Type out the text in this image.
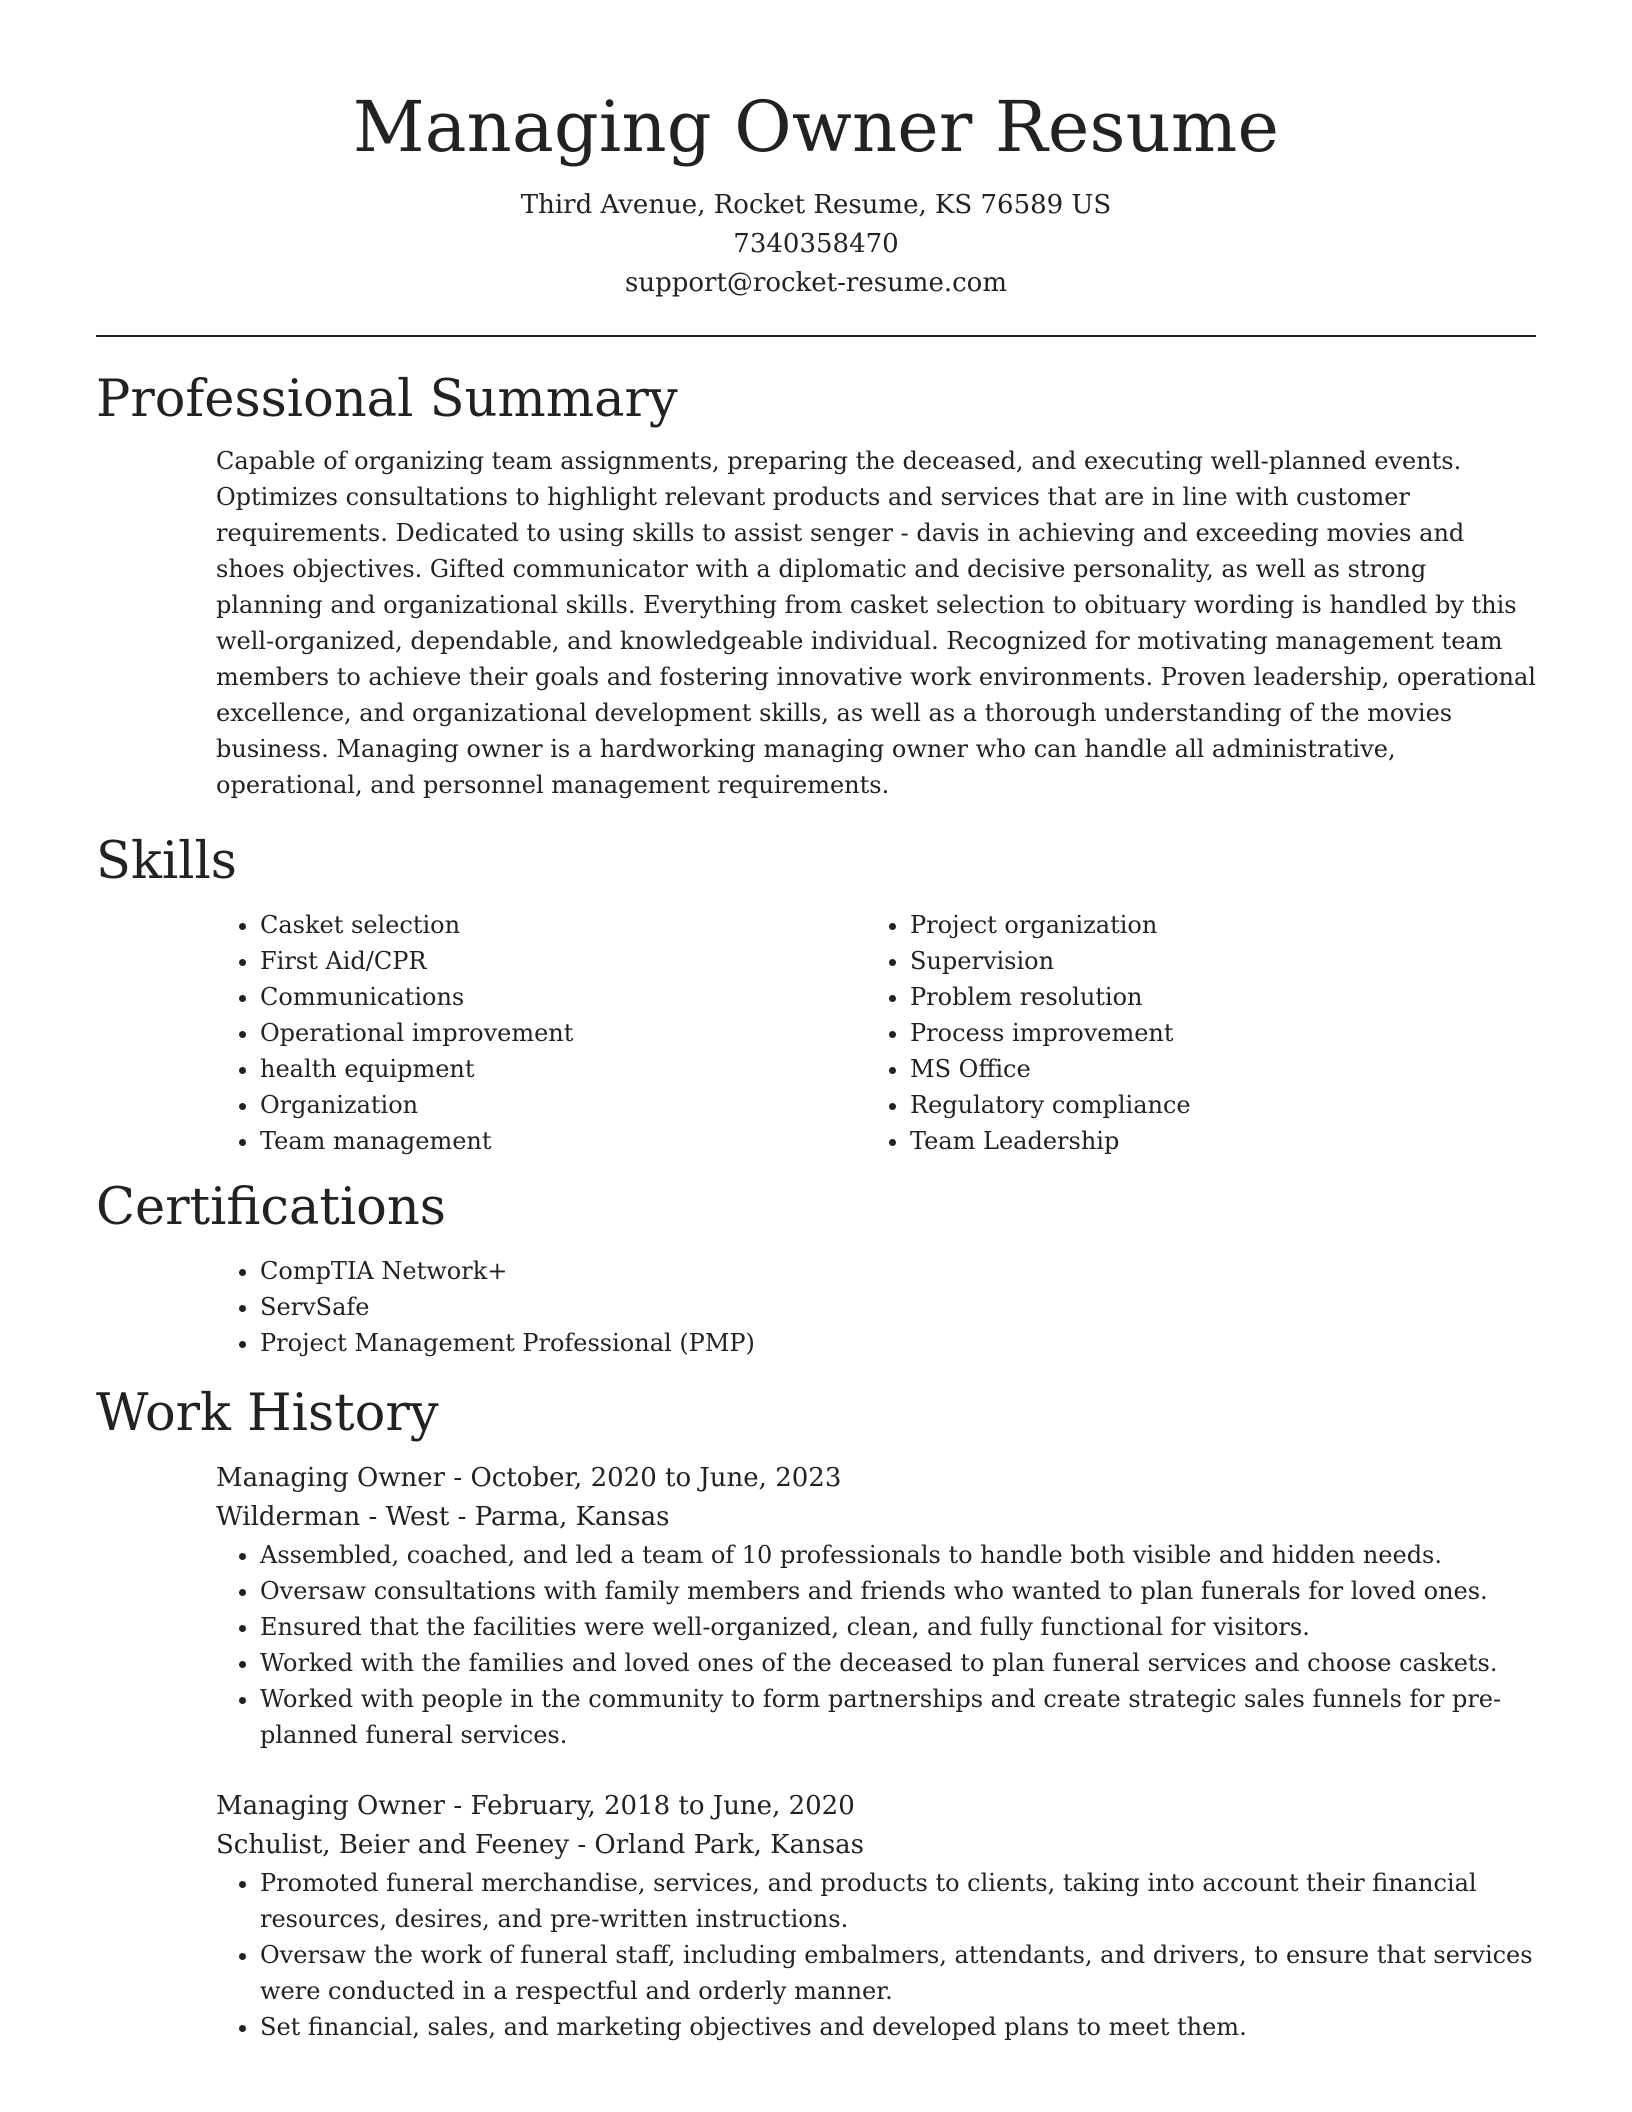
Managing Owner Resume
Third Avenue, Rocket Resume, KS 76589 US
7340358470
support@rocket-resume.com
Professional Summary

Capable of organizing team assignments, preparing the deceased, and executing well-planned events. Optimizes consultations to highlight relevant products and services that are in line with customer requirements. Dedicated to using skills to assist senger - davis in achieving and exceeding movies and shoes objectives. Gifted communicator with a diplomatic and decisive personality, as well as strong planning and organizational skills. Everything from casket selection to obituary wording is handled by this well-organized, dependable, and knowledgeable individual. Recognized for motivating management team members to achieve their goals and fostering innovative work environments. Proven leadership, operational excellence, and organizational development skills, as well as a thorough understanding of the movies business. Managing owner is a hardworking managing owner who can handle all administrative, operational, and personnel management requirements.

Skills
• Casket selection
• First Aid/CPR
• Communications
• Operational improvement
• health equipment
• Organization
• Team management
• Project organization
• Supervision
• Problem resolution
• Process improvement
• MS Office
• Regulatory compliance
• Team Leadership
Certifications
• CompTIA Network+
• ServSafe
• Project Management Professional (PMP)
Work History
Managing Owner - October, 2020 to June, 2023
Wilderman - West - Parma, Kansas
• Assembled, coached, and led a team of 10 professionals to handle both visible and hidden needs.
• Oversaw consultations with family members and friends who wanted to plan funerals for loved ones.
• Ensured that the facilities were well-organized, clean, and fully functional for visitors.
• Worked with the families and loved ones of the deceased to plan funeral services and choose caskets.
• Worked with people in the community to form partnerships and create strategic sales funnels for pre-planned funeral services.
Managing Owner - February, 2018 to June, 2020
Schulist, Beier and Feeney - Orland Park, Kansas
• Promoted funeral merchandise, services, and products to clients, taking into account their financial resources, desires, and pre-written instructions.
• Oversaw the work of funeral staff, including embalmers, attendants, and drivers, to ensure that services were conducted in a respectful and orderly manner.
• Set financial, sales, and marketing objectives and developed plans to meet them.
